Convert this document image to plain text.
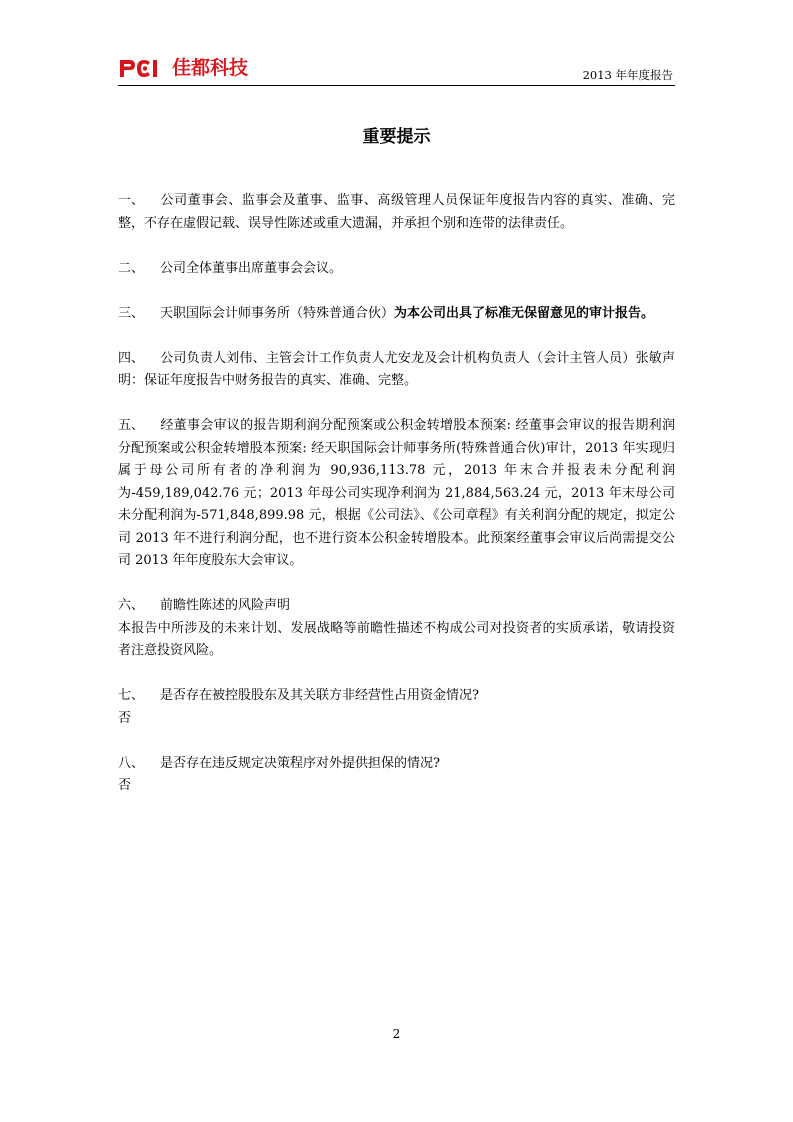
佳都科技	2013 年年度报告
重要提示
一、 公司董事会、监事会及董事、监事、高级管理人员保证年度报告内容的真实、准确、完整，不存在虚假记载、误导性陈述或重大遗漏，并承担个别和连带的法律责任。
二、 公司全体董事出席董事会会议。
三、 天职国际会计师事务所（特殊普通合伙）为本公司出具了标准无保留意见的审计报告。
四、 公司负责人刘伟、主管会计工作负责人尤安龙及会计机构负责人（会计主管人员）张敏声明：保证年度报告中财务报告的真实、准确、完整。
五、 经董事会审议的报告期利润分配预案或公积金转增股本预案: 经董事会审议的报告期利润分配预案或公积金转增股本预案: 经天职国际会计师事务所(特殊普通合伙)审计，2013 年实现归属于母公司所有者的净利润为 90,936,113.78 元，2013 年末合并报表未分配利润为-459,189,042.76 元；2013 年母公司实现净利润为 21,884,563.24 元，2013 年末母公司未分配利润为-571,848,899.98 元，根据《公司法》、《公司章程》有关利润分配的规定，拟定公司 2013 年不进行利润分配，也不进行资本公积金转增股本。此预案经董事会审议后尚需提交公司 2013 年年度股东大会审议。
六、 前瞻性陈述的风险声明
本报告中所涉及的未来计划、发展战略等前瞻性描述不构成公司对投资者的实质承诺，敬请投资者注意投资风险。
七、 是否存在被控股股东及其关联方非经营性占用资金情况?
否
八、 是否存在违反规定决策程序对外提供担保的情况?
否
2
